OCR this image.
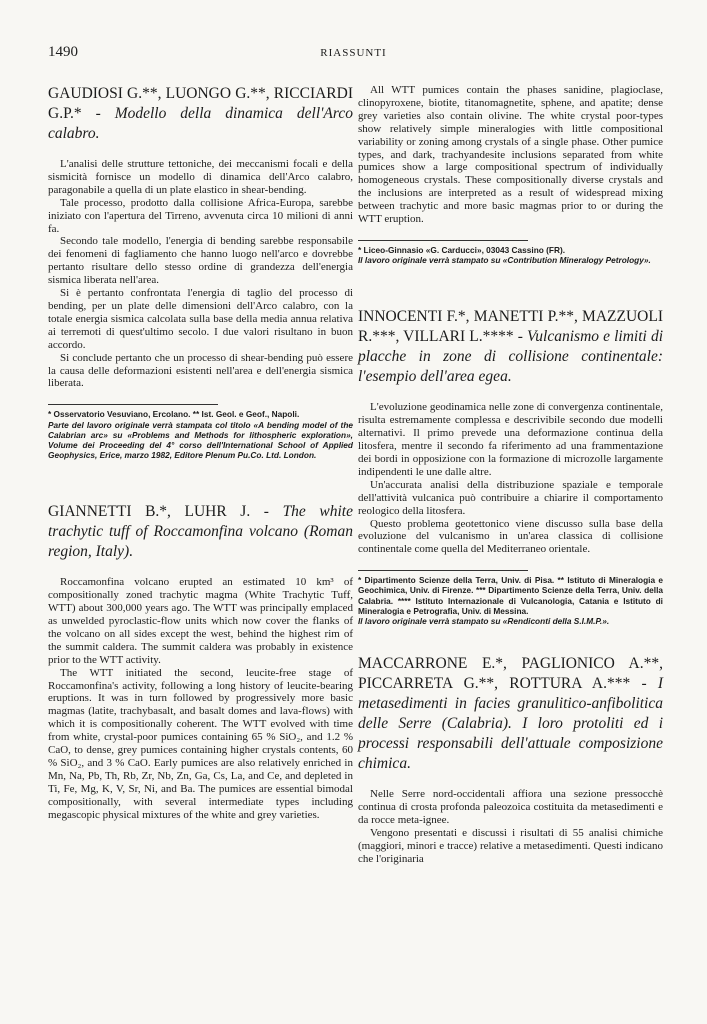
1490	RIASSUNTI
GAUDIOSI G.**, LUONGO G.**, RICCIARDI G.P.* - Modello della dinamica dell'Arco calabro.

L'analisi delle strutture tettoniche, dei meccanismi focali e della sismicità fornisce un modello di dinamica dell'Arco calabro, paragonabile a quella di un plate elastico in shear-bending.

Tale processo, prodotto dalla collisione Africa-Europa, sarebbe iniziato con l'apertura del Tirreno, avvenuta circa 10 milioni di anni fa.

Secondo tale modello, l'energia di bending sarebbe responsabile dei fenomeni di fagliamento che hanno luogo nell'arco e dovrebbe pertanto risultare dello stesso ordine di grandezza dell'energia sismica liberata nell'area.

Si è pertanto confrontata l'energia di taglio del processo di bending, per un plate delle dimensioni dell'Arco calabro, con la totale energia sismica calcolata sulla base della media annua relativa ai terremoti di quest'ultimo secolo. I due valori risultano in buon accordo.

Si conclude pertanto che un processo di shear-bending può essere la causa delle deformazioni esistenti nell'area e dell'energia sismica liberata.

* Osservatorio Vesuviano, Ercolano. ** Ist. Geol. e Geof., Napoli.

Parte del lavoro originale verrà stampata col titolo «A bending model of the Calabrian arc» su «Problems and Methods for lithospheric exploration», Volume dei Proceeding del 4° corso dell'International School of Applied Geophysics, Erice, marzo 1982, Editore Plenum Pu.Co. Ltd. London.

GIANNETTI B.*, LUHR J. - The white trachytic tuff of Roccamonfina volcano (Roman region, Italy).

Roccamonfina volcano erupted an estimated 10 km³ of compositionally zoned trachytic magma (White Trachytic Tuff, WTT) about 300,000 years ago. The WTT was principally emplaced as unwelded pyroclastic-flow units which now cover the flanks of the volcano on all sides except the west, behind the highest rim of the summit caldera. The summit caldera was probably in existence prior to the WTT activity.

The WTT initiated the second, leucite-free stage of Roccamonfina's activity, following a long history of leucite-bearing eruptions. It was in turn followed by progressively more basic magmas (latite, trachybasalt, and basalt domes and lava-flows) with which it is compositionally coherent. The WTT evolved with time from white, crystal-poor pumices containing 65 % SiO₂, and 1.2 % CaO, to dense, grey pumices containing higher crystals contents, 60 % SiO₂, and 3 % CaO. Early pumices are also relatively enriched in Mn, Na, Pb, Th, Rb, Zr, Nb, Zn, Ga, Cs, La, and Ce, and depleted in Ti, Fe, Mg, K, V, Sr, Ni, and Ba. The pumices are essential bimodal compositionally, with several intermediate types including megascopic physical mixtures of the white and grey varieties.

All WTT pumices contain the phases sanidine, plagioclase, clinopyroxene, biotite, titanomagnetite, sphene, and apatite; dense grey varieties also contain olivine. The white crystal poor-types show relatively simple mineralogies with little compositional variability or zoning among crystals of a single phase. Other pumice types, and dark, trachyandesite inclusions separated from white pumices show a large compositional spectrum of individually homogeneous crystals. These compositionally diverse crystals and the inclusions are interpreted as a result of widespread mixing between trachytic and more basic magmas prior to or during the WTT eruption.

* Liceo-Ginnasio «G. Carducci», 03043 Cassino (FR).

Il lavoro originale verrà stampato su «Contribution Mineralogy Petrology».

INNOCENTI F.*, MANETTI P.**, MAZZUOLI R.***, VILLARI L.**** - Vulcanismo e limiti di placche in zone di collisione continentale: l'esempio dell'area egea.

L'evoluzione geodinamica nelle zone di convergenza continentale, risulta estremamente complessa e descrivibile secondo due modelli alternativi. Il primo prevede una deformazione continua della litosfera, mentre il secondo fa riferimento ad una frammentazione dei bordi in opposizione con la formazione di microzolle largamente indipendenti le une dalle altre.

Un'accurata analisi della distribuzione spaziale e temporale dell'attività vulcanica può contribuire a chiarire il comportamento reologico della litosfera.

Questo problema geotettonico viene discusso sulla base della evoluzione del vulcanismo in un'area classica di collisione continentale come quella del Mediterraneo orientale.

* Dipartimento Scienze della Terra, Univ. di Pisa. ** Istituto di Mineralogia e Geochimica, Univ. di Firenze. *** Dipartimento Scienze della Terra, Univ. della Calabria. **** Istituto Internazionale di Vulcanologia, Catania e Istituto di Mineralogia e Petrografia, Univ. di Messina.

Il lavoro originale verrà stampato su «Rendiconti della S.I.M.P.».

MACCARRONE E.*, PAGLIONICO A.**, PICCARRETA G.**, ROTTURA A.*** - I metasedimenti in facies granulitico-anfibolitica delle Serre (Calabria). I loro protoliti ed i processi responsabili dell'attuale composizione chimica.

Nelle Serre nord-occidentali affiora una sezione pressocchè continua di crosta profonda paleozoica costituita da metasedimenti e da rocce meta-ignee.

Vengono presentati e discussi i risultati di 55 analisi chimiche (maggiori, minori e tracce) relative a metasedimenti. Questi indicano che l'originaria
